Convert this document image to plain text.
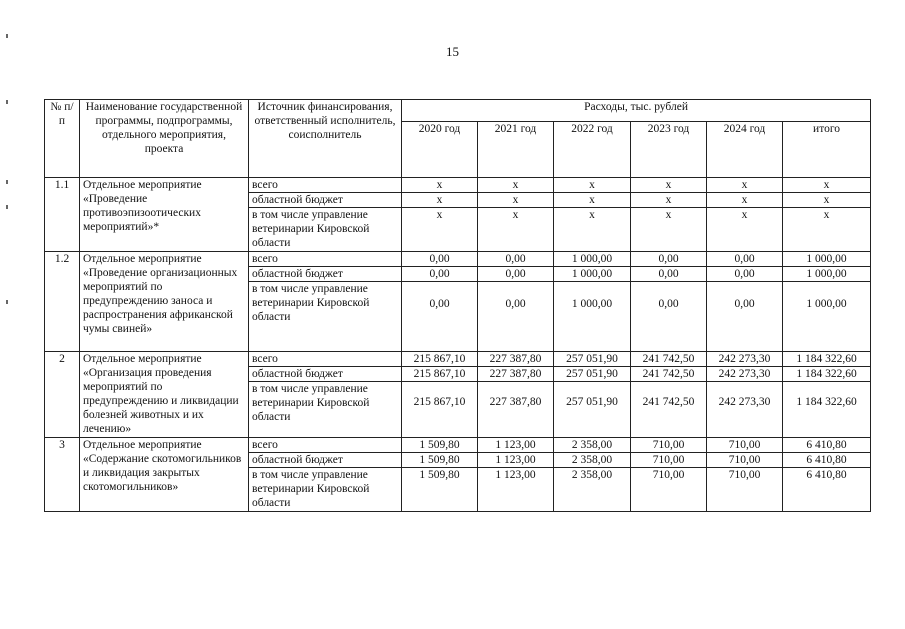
15
№ п/п	Наименование государственной программы, подпрограммы, отдельного мероприятия, проекта	Источник финансирования, ответственный исполнитель, соисполнитель	Расходы, тыс. рублей					
			2020 год	2021 год	2022 год	2023 год	2024 год	итого
1.1	Отдельное мероприятие «Проведение противоэпизоотических мероприятий»*	всего	x	x	x	x	x	x
		областной бюджет	x	x	x	x	x	x
		в том числе управление ветеринарии Кировской области	x	x	x	x	x	x
1.2	Отдельное мероприятие «Проведение организационных мероприятий по предупреждению заноса и распространения африканской чумы свиней»	всего	0,00	0,00	1 000,00	0,00	0,00	1 000,00
		областной бюджет	0,00	0,00	1 000,00	0,00	0,00	1 000,00
		в том числе управление ветеринарии Кировской области	0,00	0,00	1 000,00	0,00	0,00	1 000,00
2	Отдельное мероприятие «Организация проведения мероприятий по предупреждению и ликвидации болезней животных и их лечению»	всего	215 867,10	227 387,80	257 051,90	241 742,50	242 273,30	1 184 322,60
		областной бюджет	215 867,10	227 387,80	257 051,90	241 742,50	242 273,30	1 184 322,60
		в том числе управление ветеринарии Кировской области	215 867,10	227 387,80	257 051,90	241 742,50	242 273,30	1 184 322,60
3	Отдельное мероприятие «Содержание скотомогильников и ликвидация закрытых скотомогильников»	всего	1 509,80	1 123,00	2 358,00	710,00	710,00	6 410,80
		областной бюджет	1 509,80	1 123,00	2 358,00	710,00	710,00	6 410,80
		в том числе управление ветеринарии Кировской области	1 509,80	1 123,00	2 358,00	710,00	710,00	6 410,80
